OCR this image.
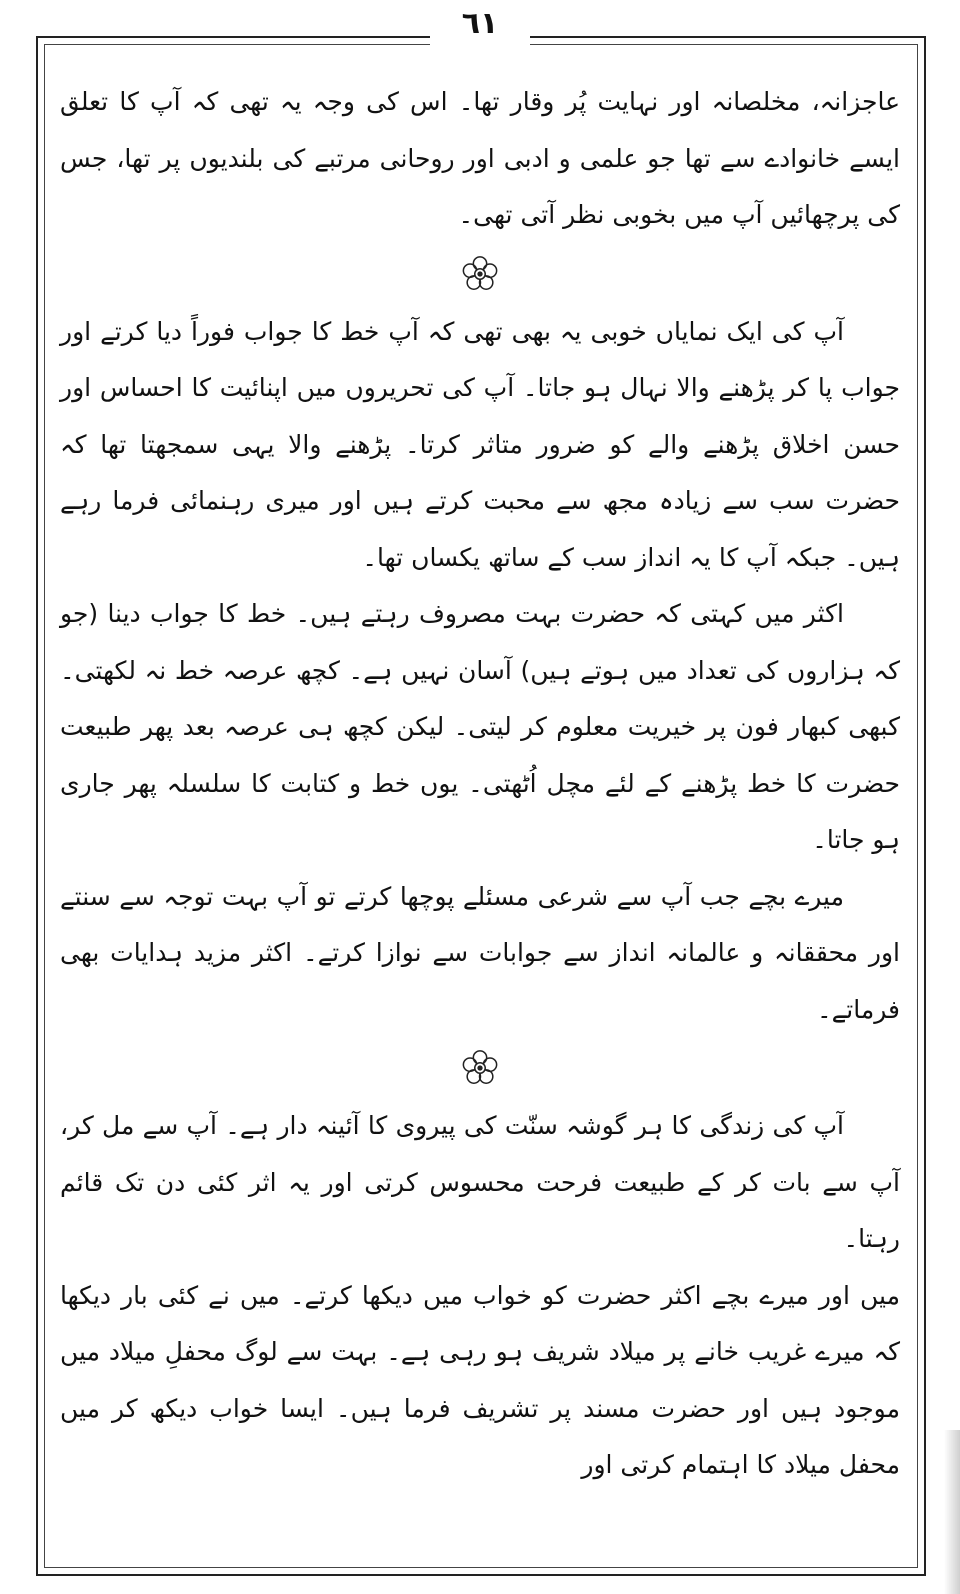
٦١

عاجزانہ، مخلصانہ اور نہایت پُر وقار تھا۔ اس کی وجہ یہ تھی کہ آپ کا تعلق ایسے خانوادے سے تھا جو علمی و ادبی اور روحانی مرتبے کی بلندیوں پر تھا، جس کی پرچھائیں آپ میں بخوبی نظر آتی تھی۔

آپ کی ایک نمایاں خوبی یہ بھی تھی کہ آپ خط کا جواب فوراً دیا کرتے اور جواب پا کر پڑھنے والا نہال ہو جاتا۔ آپ کی تحریروں میں اپنائیت کا احساس اور حسن اخلاق پڑھنے والے کو ضرور متاثر کرتا۔ پڑھنے والا یہی سمجھتا تھا کہ حضرت سب سے زیادہ مجھ سے محبت کرتے ہیں اور میری رہنمائی فرما رہے ہیں۔ جبکہ آپ کا یہ انداز سب کے ساتھ یکساں تھا۔

اکثر میں کہتی کہ حضرت بہت مصروف رہتے ہیں۔ خط کا جواب دینا (جو کہ ہزاروں کی تعداد میں ہوتے ہیں) آسان نہیں ہے۔ کچھ عرصہ خط نہ لکھتی۔ کبھی کبھار فون پر خیریت معلوم کر لیتی۔ لیکن کچھ ہی عرصہ بعد پھر طبیعت حضرت کا خط پڑھنے کے لئے مچل اُٹھتی۔ یوں خط و کتابت کا سلسلہ پھر جاری ہو جاتا۔

میرے بچے جب آپ سے شرعی مسئلے پوچھا کرتے تو آپ بہت توجہ سے سنتے اور محققانہ و عالمانہ انداز سے جوابات سے نوازا کرتے۔ اکثر مزید ہدایات بھی فرماتے۔

آپ کی زندگی کا ہر گوشہ سنّت کی پیروی کا آئینہ دار ہے۔ آپ سے مل کر، آپ سے بات کر کے طبیعت فرحت محسوس کرتی اور یہ اثر کئی دن تک قائم رہتا۔

میں اور میرے بچے اکثر حضرت کو خواب میں دیکھا کرتے۔ میں نے کئی بار دیکھا کہ میرے غریب خانے پر میلاد شریف ہو رہی ہے۔ بہت سے لوگ محفلِ میلاد میں موجود ہیں اور حضرت مسند پر تشریف فرما ہیں۔ ایسا خواب دیکھ کر میں محفل میلاد کا اہتمام کرتی اور
